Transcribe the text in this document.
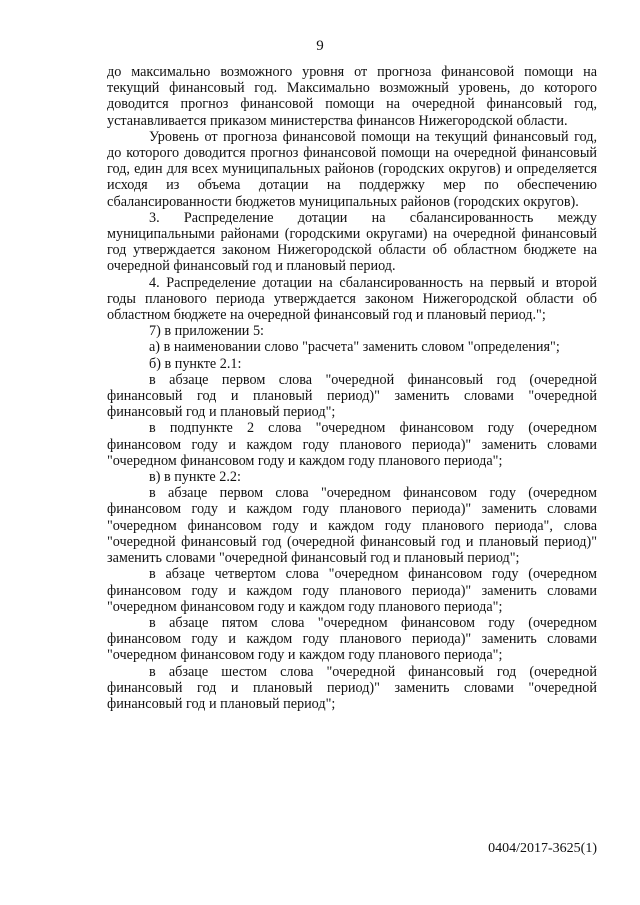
9

до максимально возможного уровня от прогноза финансовой помощи на текущий финансовый год. Максимально возможный уровень, до которого доводится прогноз финансовой помощи на очередной финансовый год, устанавливается приказом министерства финансов Нижегородской области.

Уровень от прогноза финансовой помощи на текущий финансовый год, до которого доводится прогноз финансовой помощи на очередной финансовый год, един для всех муниципальных районов (городских округов) и определяется исходя из объема дотации на поддержку мер по обеспечению сбалансированности бюджетов муниципальных районов (городских округов).

3. Распределение дотации на сбалансированность между муниципальными районами (городскими округами) на очередной финансовый год утверждается законом Нижегородской области об областном бюджете на очередной финансовый год и плановый период.

4. Распределение дотации на сбалансированность на первый и второй годы планового периода утверждается законом Нижегородской области об областном бюджете на очередной финансовый год и плановый период.";

7) в приложении 5:

а) в наименовании слово "расчета" заменить словом "определения";

б) в пункте 2.1:

в абзаце первом слова "очередной финансовый год (очередной финансовый год и плановый период)" заменить словами "очередной финансовый год и плановый период";

в подпункте 2 слова "очередном финансовом году (очередном финансовом году и каждом году планового периода)" заменить словами "очередном финансовом году и каждом году планового периода";

в) в пункте 2.2:

в абзаце первом слова "очередном финансовом году (очередном финансовом году и каждом году планового периода)" заменить словами "очередном финансовом году и каждом году планового периода", слова "очередной финансовый год (очередной финансовый год и плановый период)" заменить словами "очередной финансовый год и плановый период";

в абзаце четвертом слова "очередном финансовом году (очередном финансовом году и каждом году планового периода)" заменить словами "очередном финансовом году и каждом году планового периода";

в абзаце пятом слова "очередном финансовом году (очередном финансовом году и каждом году планового периода)" заменить словами "очередном финансовом году и каждом году планового периода";

в абзаце шестом слова "очередной финансовый год (очередной финансовый год и плановый период)" заменить словами "очередной финансовый год и плановый период";

0404/2017-3625(1)
